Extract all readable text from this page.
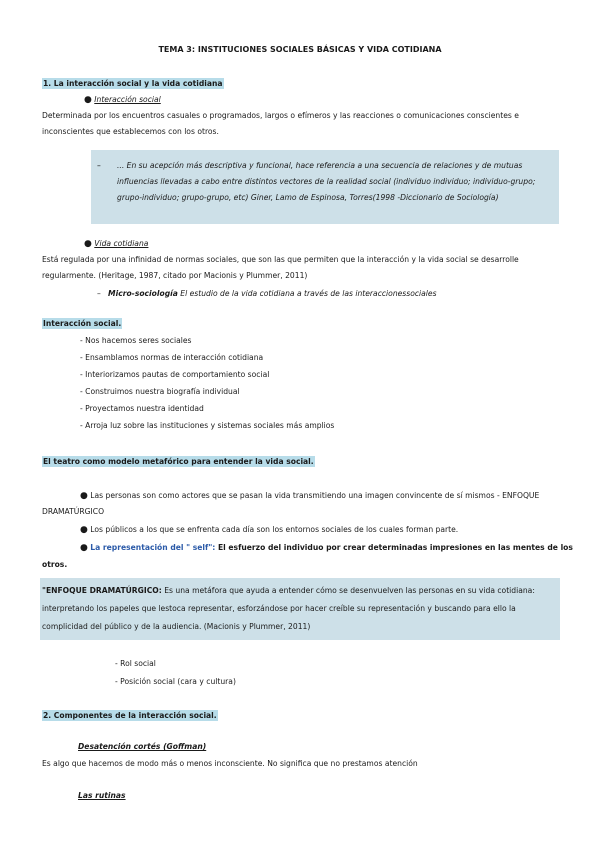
TEMA 3: INSTITUCIONES SOCIALES BÁSICAS Y VIDA COTIDIANA
1. La interacción social y la vida cotidiana
● Interacción social
Determinada por los encuentros casuales o programados, largos o efímeros y las reacciones o comunicaciones conscientes e
inconscientes que establecemos con los otros.
– ... En su acepción más descriptiva y funcional, hace referencia a una secuencia de relaciones y de mutuas
influencias llevadas a cabo entre distintos vectores de la realidad social (individuo individuo; individuo-grupo;
grupo-individuo; grupo-grupo, etc) Giner, Lamo de Espinosa, Torres(1998 -Diccionario de Sociología)
● Vida cotidiana
Está regulada por una infinidad de normas sociales, que son las que permiten que la interacción y la vida social se desarrolle
regularmente. (Heritage, 1987, citado por Macionis y Plummer, 2011)
– Micro-sociología El estudio de la vida cotidiana a través de las interaccionessociales
Interacción social.
- Nos hacemos seres sociales
- Ensamblamos normas de interacción cotidiana
- Interiorizamos pautas de comportamiento social
- Construimos nuestra biografía individual
- Proyectamos nuestra identidad
- Arroja luz sobre las instituciones y sistemas sociales más amplios
El teatro como modelo metafórico para entender la vida social.
● Las personas son como actores que se pasan la vida transmitiendo una imagen convincente de sí mismos - ENFOQUE
DRAMATÚRGICO
● Los públicos a los que se enfrenta cada día son los entornos sociales de los cuales forman parte.
● La representación del " self": El esfuerzo del individuo por crear determinadas impresiones en las mentes de los
otros.
"ENFOQUE DRAMATÚRGICO: Es una metáfora que ayuda a entender cómo se desenvuelven las personas en su vida cotidiana:
interpretando los papeles que lestoca representar, esforzándose por hacer creíble su representación y buscando para ello la
complicidad del público y de la audiencia. (Macionis y Plummer, 2011)
- Rol social
- Posición social (cara y cultura)
2. Componentes de la interacción social.
Desatención cortés (Goffman)
Es algo que hacemos de modo más o menos inconsciente. No significa que no prestamos atención
Las rutinas
